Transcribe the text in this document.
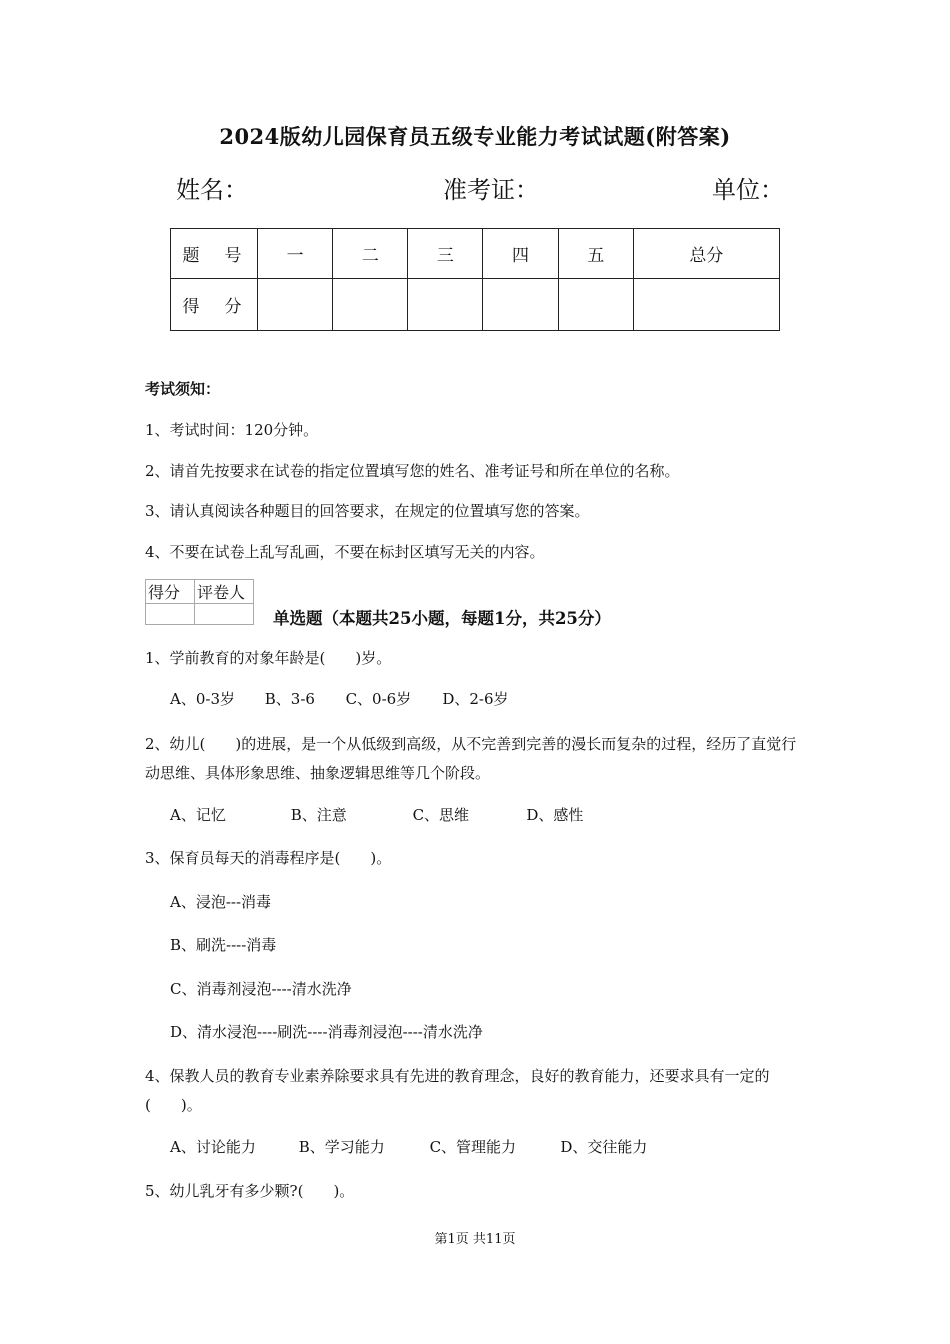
2024版幼儿园保育员五级专业能力考试试题(附答案)
姓名：	准考证：	单位：
题　号	一	二	三	四	五	总分
得　分						
考试须知：
1、考试时间：120分钟。
2、请首先按要求在试卷的指定位置填写您的姓名、准考证号和所在单位的名称。
3、请认真阅读各种题目的回答要求，在规定的位置填写您的答案。
4、不要在试卷上乱写乱画，不要在标封区填写无关的内容。
得分	评卷人

单选题（本题共25小题，每题1分，共25分）
1、学前教育的对象年龄是(　　)岁。
A、0-3岁 B、3-6 C、0-6岁 D、2-6岁
2、幼儿(　　)的进展，是一个从低级到高级，从不完善到完善的漫长而复杂的过程，经历了直觉行动思维、具体形象思维、抽象逻辑思维等几个阶段。
A、记忆	B、注意	C、思维	D、感性
3、保育员每天的消毒程序是(　　)。
A、浸泡---消毒
B、刷洗----消毒
C、消毒剂浸泡----清水洗净
D、清水浸泡----刷洗----消毒剂浸泡----清水洗净
4、保教人员的教育专业素养除要求具有先进的教育理念，良好的教育能力，还要求具有一定的(　　)。
A、讨论能力	B、学习能力	C、管理能力	D、交往能力
5、幼儿乳牙有多少颗?(　　)。
第1页 共11页
